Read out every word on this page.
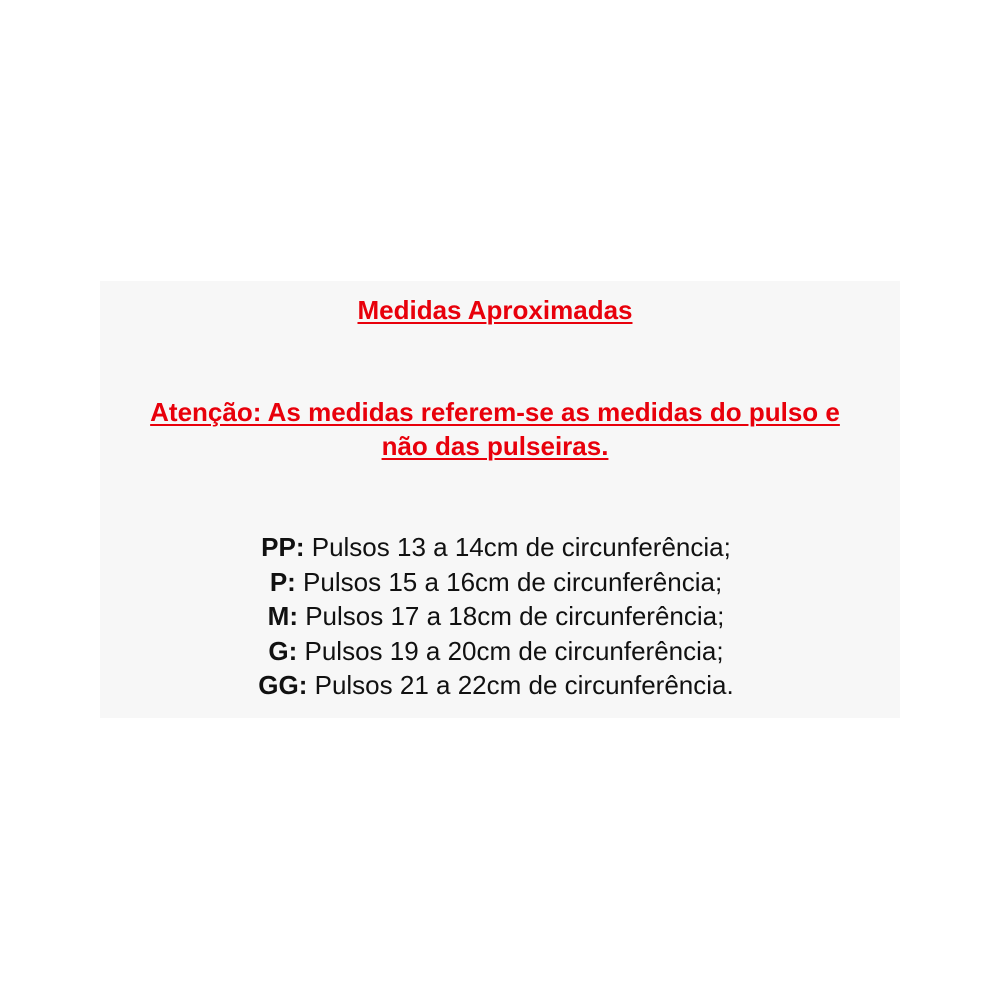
Medidas Aproximadas

Atenção: As medidas referem-se as medidas do pulso e
não das pulseiras.

PP: Pulsos 13 a 14cm de circunferência;
P: Pulsos 15 a 16cm de circunferência;
M: Pulsos 17 a 18cm de circunferência;
G: Pulsos 19 a 20cm de circunferência;
GG: Pulsos 21 a 22cm de circunferência.
